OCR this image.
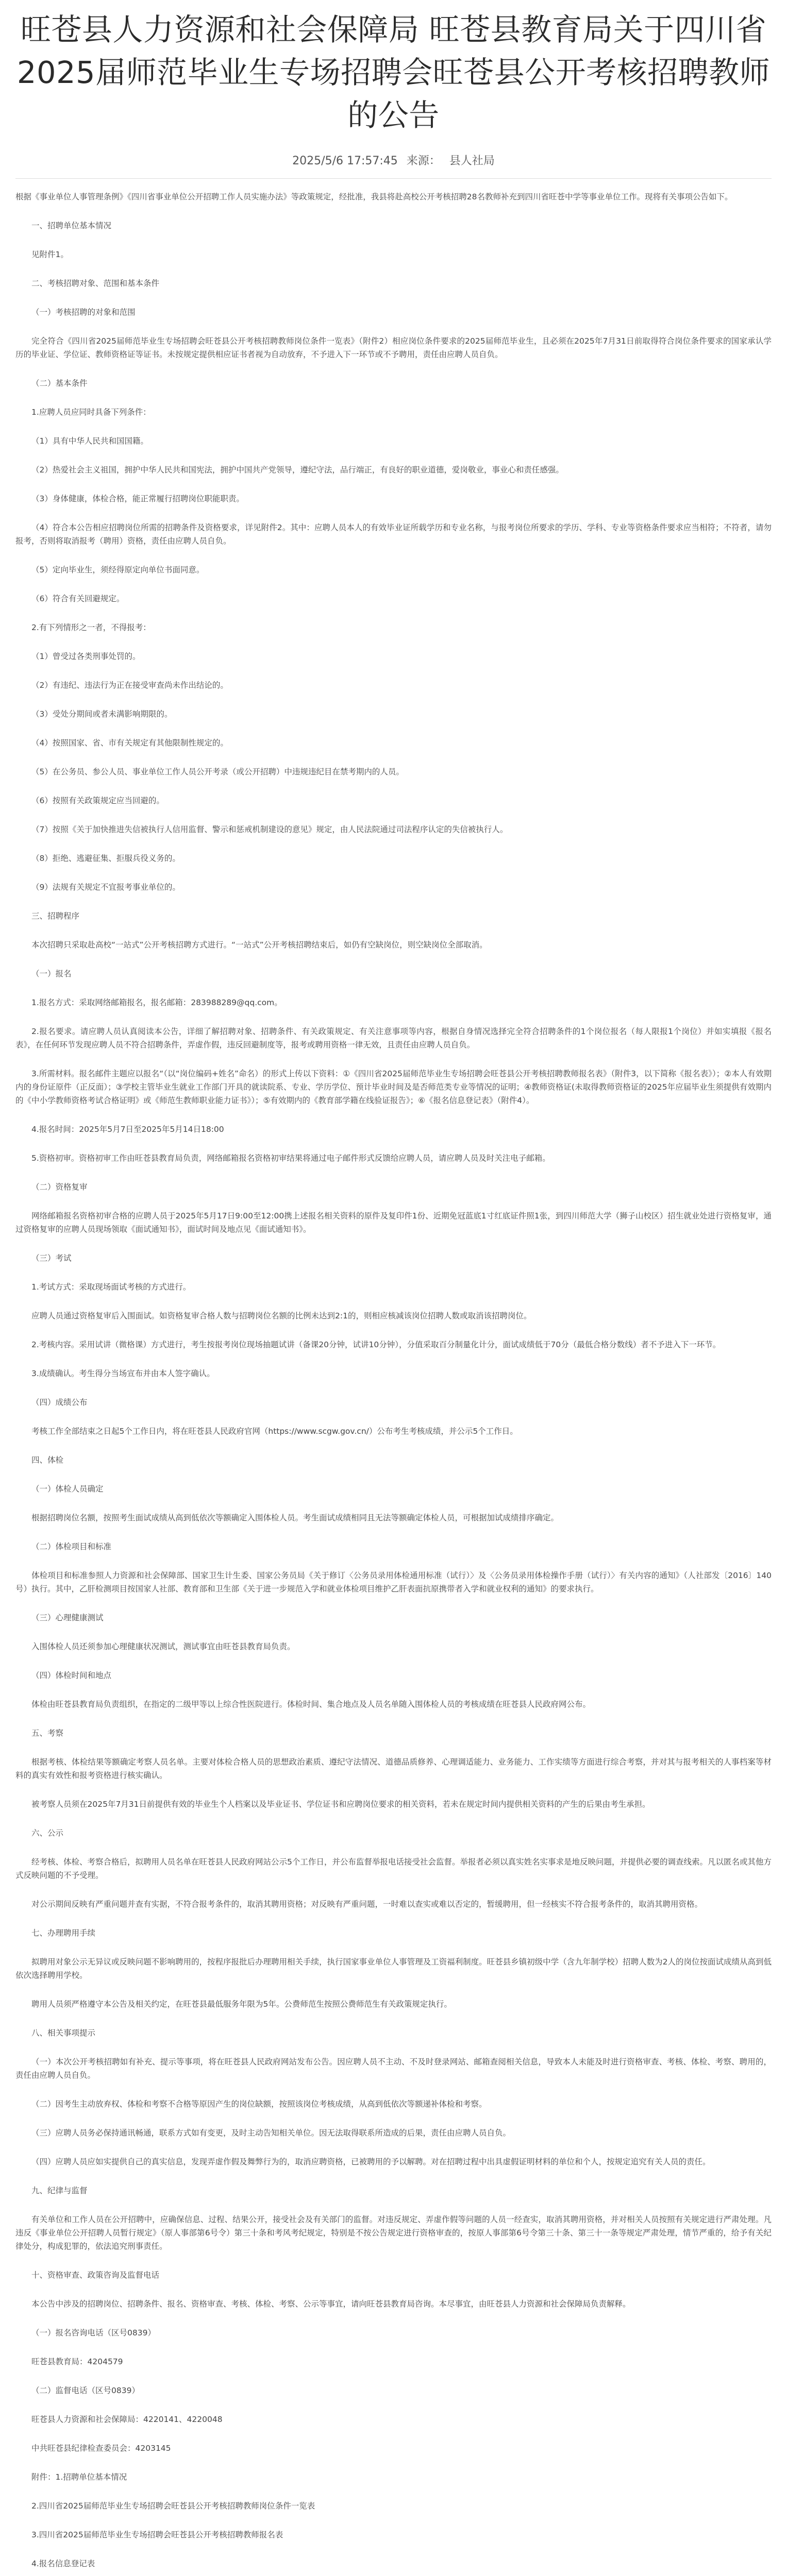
旺苍县人力资源和社会保障局 旺苍县教育局关于四川省2025届师范毕业生专场招聘会旺苍县公开考核招聘教师的公告
2025/5/6 17:57:45 来源： 县人社局

根据《事业单位人事管理条例》《四川省事业单位公开招聘工作人员实施办法》等政策规定，经批准，我县将赴高校公开考核招聘28名教师补充到四川省旺苍中学等事业单位工作。现将有关事项公告如下。

一、招聘单位基本情况

见附件1。

二、考核招聘对象、范围和基本条件

（一）考核招聘的对象和范围

完全符合《四川省2025届师范毕业生专场招聘会旺苍县公开考核招聘教师岗位条件一览表》（附件2）相应岗位条件要求的2025届师范毕业生，且必须在2025年7月31日前取得符合岗位条件要求的国家承认学历的毕业证、学位证、教师资格证等证书。未按规定提供相应证书者视为自动放弃，不予进入下一环节或不予聘用，责任由应聘人员自负。

（二）基本条件

1.应聘人员应同时具备下列条件：

（1）具有中华人民共和国国籍。

（2）热爱社会主义祖国，拥护中华人民共和国宪法，拥护中国共产党领导，遵纪守法，品行端正，有良好的职业道德，爱岗敬业，事业心和责任感强。

（3）身体健康，体检合格，能正常履行招聘岗位职能职责。

（4）符合本公告相应招聘岗位所需的招聘条件及资格要求，详见附件2。其中：应聘人员本人的有效毕业证所载学历和专业名称，与报考岗位所要求的学历、学科、专业等资格条件要求应当相符；不符者，请勿报考，否则将取消报考（聘用）资格，责任由应聘人员自负。

（5）定向毕业生，须经得原定向单位书面同意。

（6）符合有关回避规定。

2.有下列情形之一者，不得报考：

（1）曾受过各类刑事处罚的。

（2）有违纪、违法行为正在接受审查尚未作出结论的。

（3）受处分期间或者未满影响期限的。

（4）按照国家、省、市有关规定有其他限制性规定的。

（5）在公务员、参公人员、事业单位工作人员公开考录（或公开招聘）中违规违纪目在禁考期内的人员。

（6）按照有关政策规定应当回避的。

（7）按照《关于加快推进失信被执行人信用监督、警示和惩戒机制建设的意见》规定，由人民法院通过司法程序认定的失信被执行人。

（8）拒绝、逃避征集、拒服兵役义务的。

（9）法规有关规定不宜报考事业单位的。

三、招聘程序

本次招聘只采取赴高校“一站式”公开考核招聘方式进行。“一站式”公开考核招聘结束后，如仍有空缺岗位，则空缺岗位全部取消。

（一）报名

1.报名方式：采取网络邮箱报名，报名邮箱：283988289@qq.com。

2.报名要求。请应聘人员认真阅读本公告，详细了解招聘对象、招聘条件、有关政策规定、有关注意事项等内容，根据自身情况选择完全符合招聘条件的1个岗位报名（每人限报1个岗位）并如实填报《报名表》，在任何环节发现应聘人员不符合招聘条件，弄虚作假，违反回避制度等，报考或聘用资格一律无效，且责任由应聘人员自负。

3.所需材料。报名邮件主题应以报名“（以“岗位编码+姓名”命名）的形式上传以下资料：①《四川省2025届师范毕业生专场招聘会旺苍县公开考核招聘教师报名表》（附件3，以下简称《报名表》）；②本人有效期内的身份证原件（正反面）；③学校主管毕业生就业工作部门开具的就读院系、专业、学历学位、预计毕业时间及是否师范类专业等情况的证明；④教师资格证(未取得教师资格证的2025年应届毕业生须提供有效期内的《中小学教师资格考试合格证明》或《师范生教师职业能力证书》）；⑤有效期内的《教育部学籍在线验证报告》；⑥《报名信息登记表》（附件4）。

4.报名时间：2025年5月7日至2025年5月14日18:00

5.资格初审。资格初审工作由旺苍县教育局负责，网络邮箱报名资格初审结果将通过电子邮件形式反馈给应聘人员，请应聘人员及时关注电子邮箱。

（二）资格复审

网络邮箱报名资格初审合格的应聘人员于2025年5月17日9:00至12:00携上述报名相关资料的原件及复印件1份、近期免冠蓝底1寸红底证件照1张，到四川师范大学（狮子山校区）招生就业处进行资格复审，通过资格复审的应聘人员现场领取《面试通知书》，面试时间及地点见《面试通知书》。

（三）考试

1.考试方式：采取现场面试考核的方式进行。

应聘人员通过资格复审后入围面试。如资格复审合格人数与招聘岗位名额的比例未达到2:1的，则相应核减该岗位招聘人数或取消该招聘岗位。

2.考核内容。采用试讲（微格课）方式进行，考生按报考岗位现场抽题试讲（备课20分钟，试讲10分钟），分值采取百分制量化计分，面试成绩低于70分（最低合格分数线）者不予进入下一环节。

3.成绩确认。考生得分当场宣布并由本人签字确认。

（四）成绩公布

考核工作全部结束之日起5个工作日内，将在旺苍县人民政府官网（https://www.scgw.gov.cn/）公布考生考核成绩，并公示5个工作日。

四、体检

（一）体检人员确定

根据招聘岗位名额，按照考生面试成绩从高到低依次等额确定入围体检人员。考生面试成绩相同且无法等额确定体检人员，可根据加试成绩排序确定。

（二）体检项目和标准

体检项目和标准参照人力资源和社会保障部、国家卫生计生委、国家公务员局《关于修订〈公务员录用体检通用标准（试行）〉及〈公务员录用体检操作手册（试行）〉有关内容的通知》（人社部发〔2016〕140号）执行。其中，乙肝检测项目按国家人社部、教育部和卫生部《关于进一步规范入学和就业体检项目维护乙肝表面抗原携带者入学和就业权利的通知》的要求执行。

（三）心理健康测试

入围体检人员还须参加心理健康状况测试，测试事宜由旺苍县教育局负责。

（四）体检时间和地点

体检由旺苍县教育局负责组织，在指定的二级甲等以上综合性医院进行。体检时间、集合地点及人员名单随入围体检人员的考核成绩在旺苍县人民政府网公布。

五、考察

根据考核、体检结果等额确定考察人员名单。主要对体检合格人员的思想政治素质、遵纪守法情况、道德品质修养、心理调适能力、业务能力、工作实绩等方面进行综合考察，并对其与报考相关的人事档案等材料的真实有效性和报考资格进行核实确认。

被考察人员须在2025年7月31日前提供有效的毕业生个人档案以及毕业证书、学位证书和应聘岗位要求的相关资料，若未在规定时间内提供相关资料的产生的后果由考生承担。

六、公示

经考核、体检、考察合格后，拟聘用人员名单在旺苍县人民政府网站公示5个工作日，并公布监督举报电话接受社会监督。举报者必须以真实姓名实事求是地反映问题，并提供必要的调查线索。凡以匿名或其他方式反映问题的不予受理。

对公示期间反映有严重问题并查有实据，不符合报考条件的，取消其聘用资格；对反映有严重问题，一时难以查实或难以否定的，暂缓聘用，但一经核实不符合报考条件的，取消其聘用资格。

七、办理聘用手续

拟聘用对象公示无异议或反映问题不影响聘用的，按程序报批后办理聘用相关手续，执行国家事业单位人事管理及工资福利制度。旺苍县乡镇初级中学（含九年制学校）招聘人数为2人的岗位按面试成绩从高到低依次选择聘用学校。

聘用人员须严格遵守本公告及相关约定，在旺苍县最低服务年限为5年。公费师范生按照公费师范生有关政策规定执行。

八、相关事项提示

（一）本次公开考核招聘如有补充、提示等事项，将在旺苍县人民政府网站发布公告。因应聘人员不主动、不及时登录网站、邮箱查阅相关信息，导致本人未能及时进行资格审查、考核、体检、考察、聘用的，责任由应聘人员自负。

（二）因考生主动放弃权、体检和考察不合格等原因产生的岗位缺额，按照该岗位考核成绩，从高到低依次等额递补体检和考察。

（三）应聘人员务必保持通讯畅通，联系方式如有变更，及时主动告知相关单位。因无法取得联系所造成的后果，责任由应聘人员自负。

（四）应聘人员应如实提供自己的真实信息，发现弄虚作假及舞弊行为的，取消应聘资格，已被聘用的予以解聘。对在招聘过程中出具虚假证明材料的单位和个人，按规定追究有关人员的责任。

九、纪律与监督

有关单位和工作人员在公开招聘中，应确保信息、过程、结果公开，接受社会及有关部门的监督。对违反规定、弄虚作假等问题的人员一经查实，取消其聘用资格，并对相关人员按照有关规定进行严肃处理。凡违反《事业单位公开招聘人员暂行规定》（原人事部第6号令）第三十条和考风考纪规定，特别是不按公告规定进行资格审查的，按原人事部第6号令第三十条、第三十一条等规定严肃处理，情节严重的，给予有关纪律处分，构成犯罪的，依法追究刑事责任。

十、资格审查、政策咨询及监督电话

本公告中涉及的招聘岗位、招聘条件、报名、资格审查、考核、体检、考察、公示等事宜，请向旺苍县教育局咨询。本尽事宜，由旺苍县人力资源和社会保障局负责解释。

（一）报名咨询电话（区号0839）

旺苍县教育局：4204579

（二）监督电话（区号0839）

旺苍县人力资源和社会保障局：4220141、4220048

中共旺苍县纪律检查委员会：4203145

附件：1.招聘单位基本情况

2.四川省2025届师范毕业生专场招聘会旺苍县公开考核招聘教师岗位条件一览表

3.四川省2025届师范毕业生专场招聘会旺苍县公开考核招聘教师报名表

4.报名信息登记表
